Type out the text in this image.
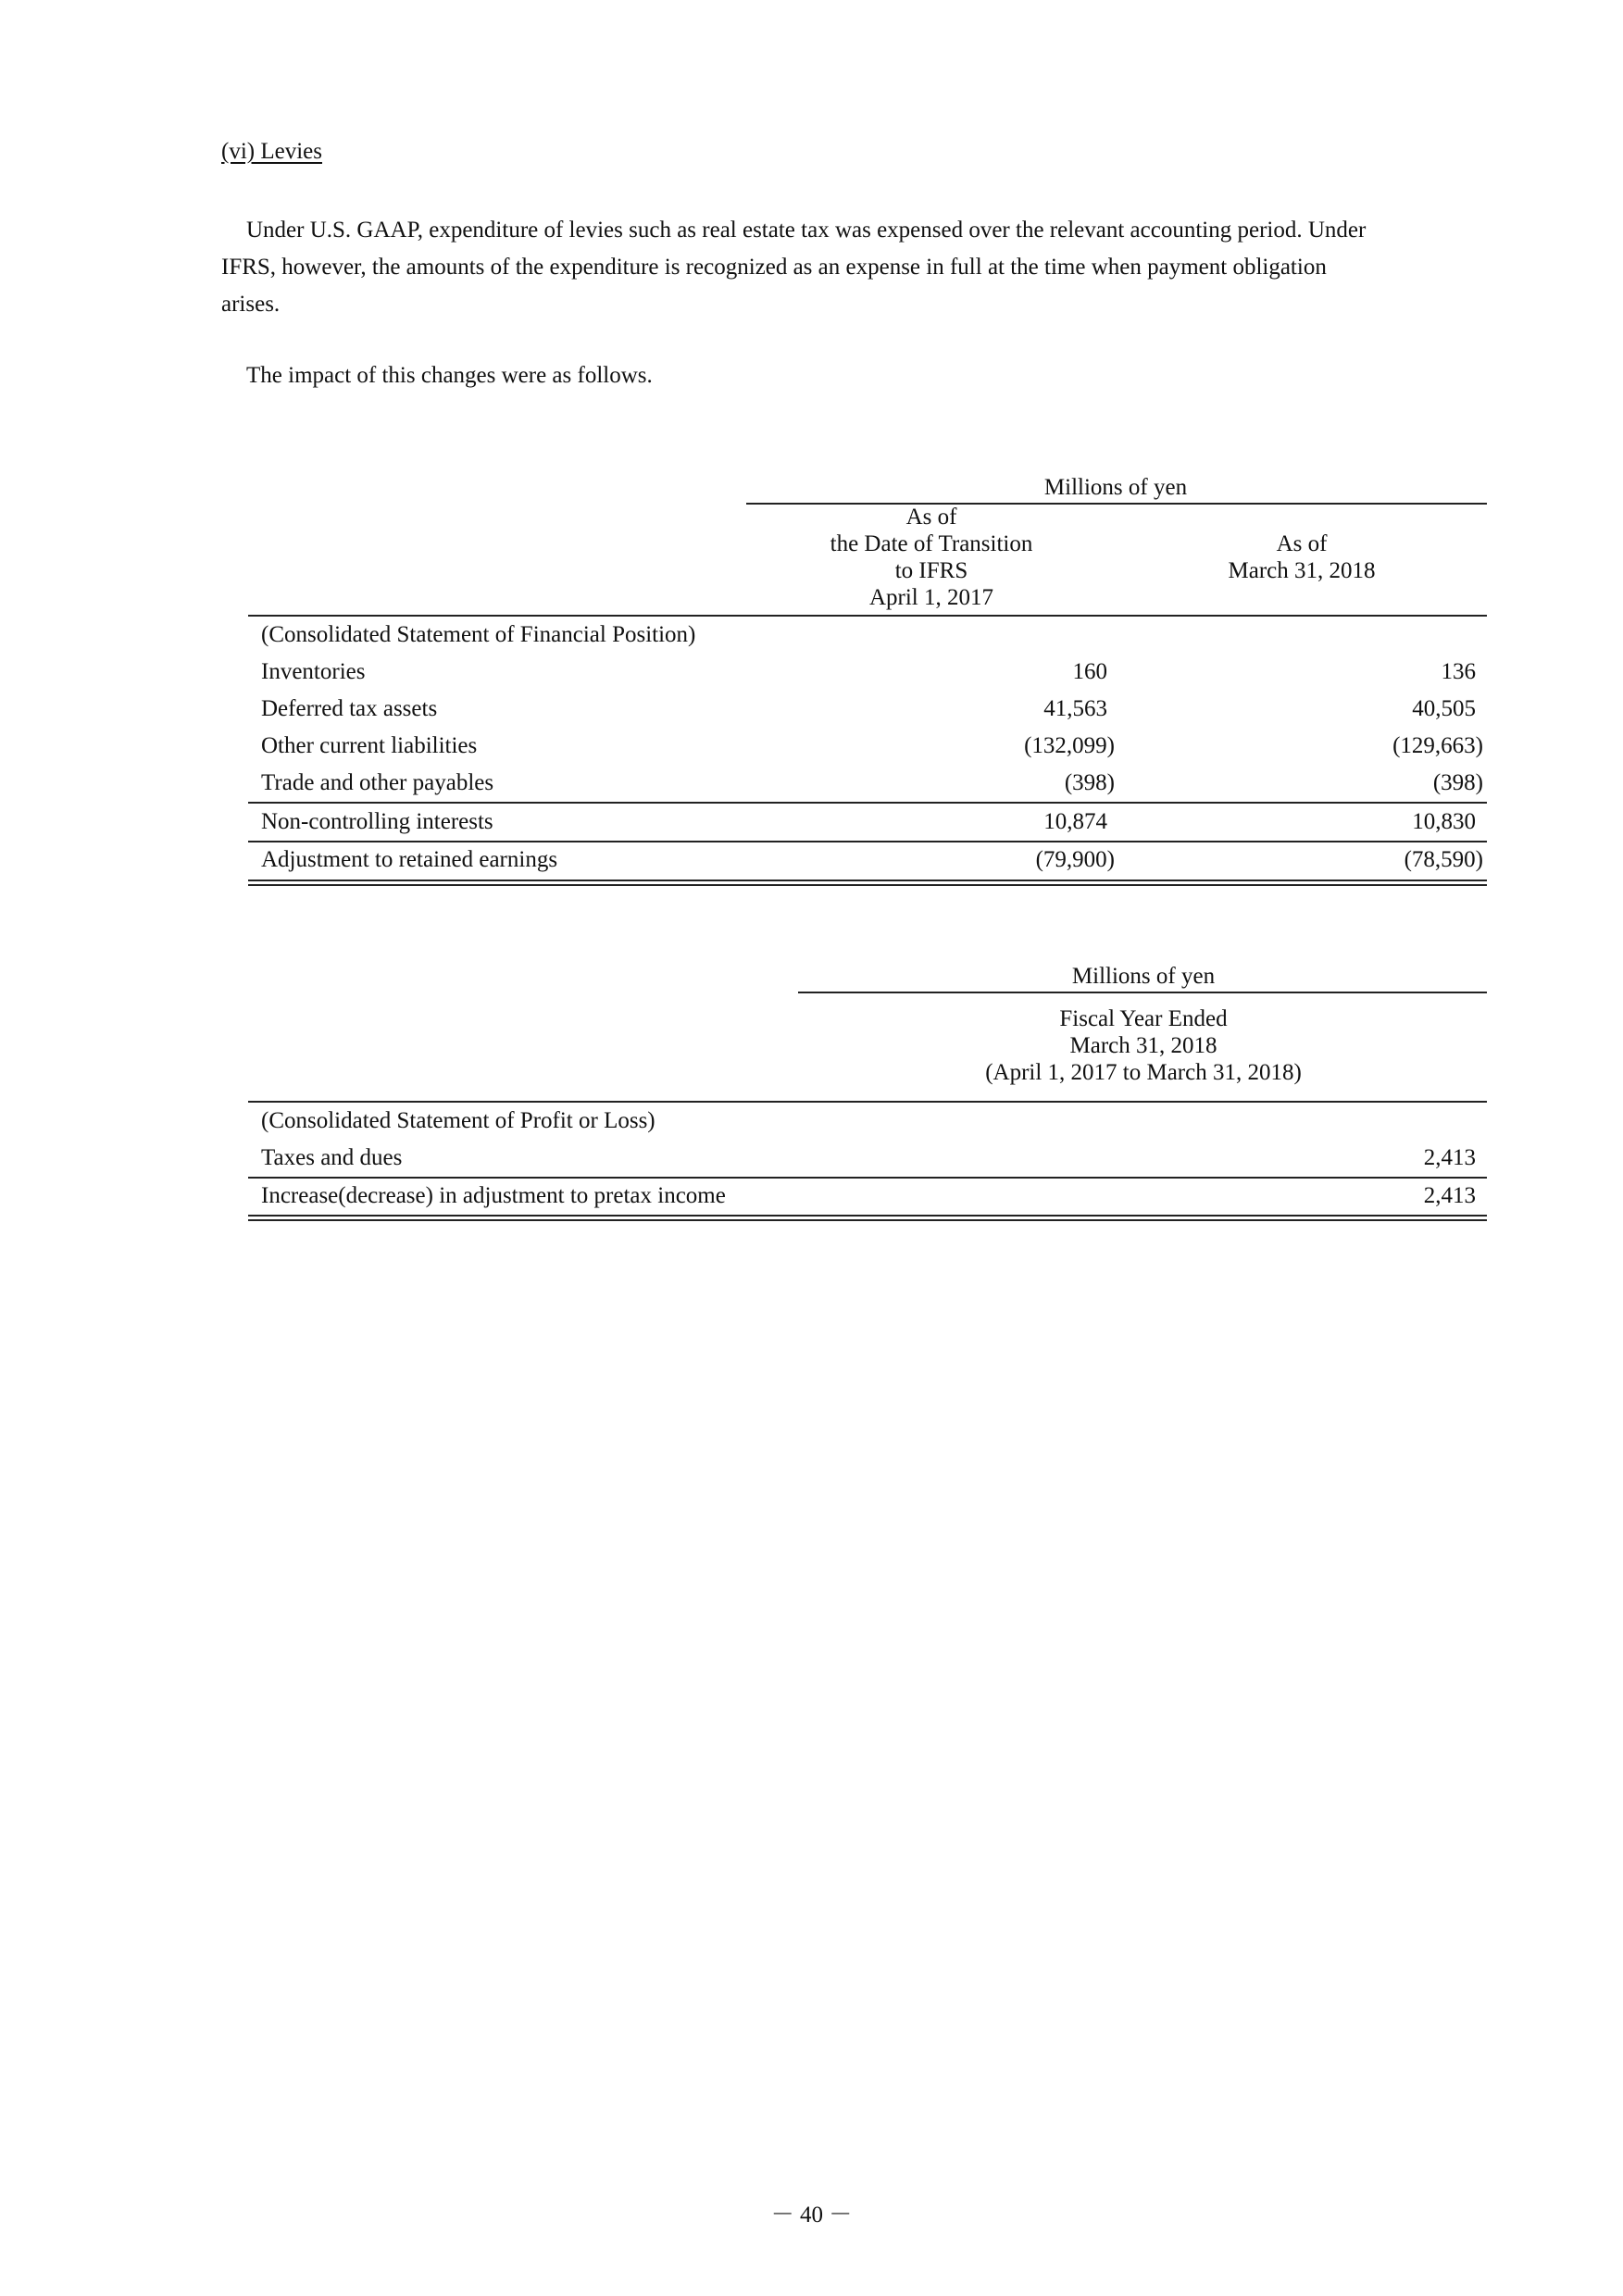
(vi) Levies
Under U.S. GAAP, expenditure of levies such as real estate tax was expensed over the relevant accounting period. Under
IFRS, however, the amounts of the expenditure is recognized as an expense in full at the time when payment obligation
arises.
The impact of this changes were as follows.
Millions of yen
As of
the Date of Transition
to IFRS
April 1, 2017
As of
March 31, 2018
(Consolidated Statement of Financial Position)
Inventories	160	136
Deferred tax assets	41,563	40,505
Other current liabilities	(132,099)	(129,663)
Trade and other payables	(398)	(398)
Non-controlling interests	10,874	10,830
Adjustment to retained earnings	(79,900)	(78,590)
Millions of yen
Fiscal Year Ended
March 31, 2018
(April 1, 2017 to March 31, 2018)
(Consolidated Statement of Profit or Loss)
Taxes and dues	2,413
Increase(decrease) in adjustment to pretax income	2,413
－ 40 －
